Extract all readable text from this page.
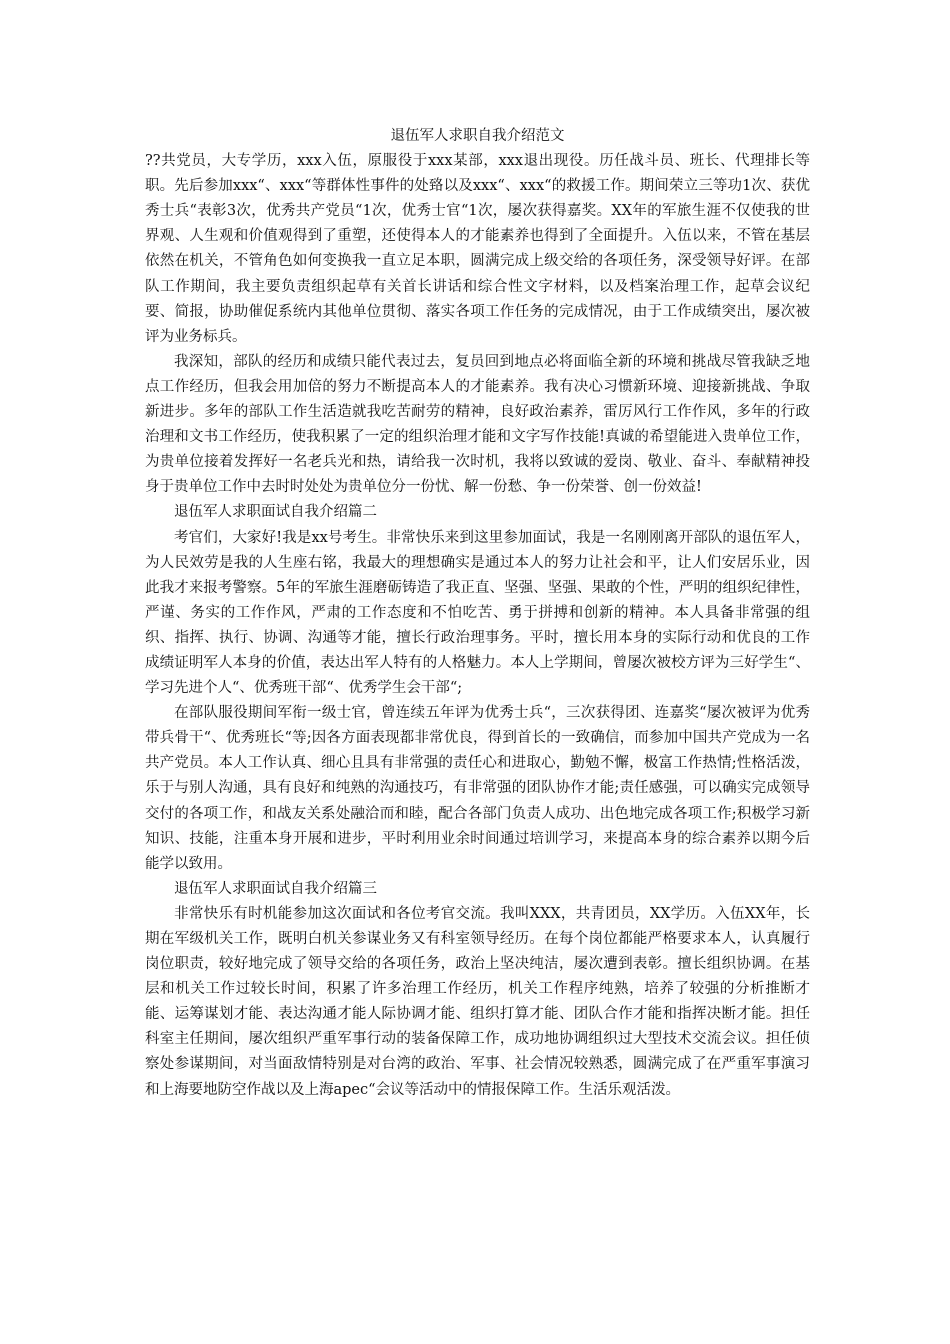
退伍军人求职自我介绍范文

??共党员，大专学历，xxx入伍，原服役于xxx某部，xxx退出现役。历任战斗员、班长、代理排长等职。先后参加xxx“、xxx“等群体性事件的处臵以及xxx“、xxx“的救援工作。期间荣立三等功1次、获优秀士兵“表彰3次，优秀共产党员“1次，优秀士官“1次，屡次获得嘉奖。XX年的军旅生涯不仅使我的世界观、人生观和价值观得到了重塑，还使得本人的才能素养也得到了全面提升。入伍以来，不管在基层依然在机关，不管角色如何变换我一直立足本职，圆满完成上级交给的各项任务，深受领导好评。在部队工作期间，我主要负责组织起草有关首长讲话和综合性文字材料，以及档案治理工作，起草会议纪要、简报，协助催促系统内其他单位贯彻、落实各项工作任务的完成情况，由于工作成绩突出，屡次被评为业务标兵。

我深知，部队的经历和成绩只能代表过去，复员回到地点必将面临全新的环境和挑战尽管我缺乏地点工作经历，但我会用加倍的努力不断提高本人的才能素养。我有决心习惯新环境、迎接新挑战、争取新进步。多年的部队工作生活造就我吃苦耐劳的精神，良好政治素养，雷厉风行工作作风，多年的行政治理和文书工作经历，使我积累了一定的组织治理才能和文字写作技能!真诚的希望能进入贵单位工作，为贵单位接着发挥好一名老兵光和热，请给我一次时机，我将以致诚的爱岗、敬业、奋斗、奉献精神投身于贵单位工作中去时时处处为贵单位分一份忧、解一份愁、争一份荣誉、创一份效益!

退伍军人求职面试自我介绍篇二

考官们，大家好!我是xx号考生。非常快乐来到这里参加面试，我是一名刚刚离开部队的退伍军人，为人民效劳是我的人生座右铭，我最大的理想确实是通过本人的努力让社会和平，让人们安居乐业，因此我才来报考警察。5年的军旅生涯磨砺铸造了我正直、坚强、坚强、果敢的个性，严明的组织纪律性，严谨、务实的工作作风，严肃的工作态度和不怕吃苦、勇于拼搏和创新的精神。本人具备非常强的组织、指挥、执行、协调、沟通等才能，擅长行政治理事务。平时，擅长用本身的实际行动和优良的工作成绩证明军人本身的价值，表达出军人特有的人格魅力。本人上学期间，曾屡次被校方评为三好学生“、学习先进个人“、优秀班干部“、优秀学生会干部“;

在部队服役期间军衔一级士官，曾连续五年评为优秀士兵“，三次获得团、连嘉奖“屡次被评为优秀带兵骨干“、优秀班长“等;因各方面表现都非常优良，得到首长的一致确信，而参加中国共产党成为一名共产党员。本人工作认真、细心且具有非常强的责任心和进取心，勤勉不懈，极富工作热情;性格活泼，乐于与别人沟通，具有良好和纯熟的沟通技巧，有非常强的团队协作才能;责任感强，可以确实完成领导交付的各项工作，和战友关系处融洽而和睦，配合各部门负责人成功、出色地完成各项工作;积极学习新知识、技能，注重本身开展和进步，平时利用业余时间通过培训学习，来提高本身的综合素养以期今后能学以致用。

退伍军人求职面试自我介绍篇三

非常快乐有时机能参加这次面试和各位考官交流。我叫XXX，共青团员，XX学历。入伍XX年，长期在军级机关工作，既明白机关参谋业务又有科室领导经历。在每个岗位都能严格要求本人，认真履行岗位职责，较好地完成了领导交给的各项任务，政治上坚决纯洁，屡次遭到表彰。擅长组织协调。在基层和机关工作过较长时间，积累了许多治理工作经历，机关工作程序纯熟，培养了较强的分析推断才能、运筹谋划才能、表达沟通才能人际协调才能、组织打算才能、团队合作才能和指挥决断才能。担任科室主任期间，屡次组织严重军事行动的装备保障工作，成功地协调组织过大型技术交流会议。担任侦察处参谋期间，对当面敌情特别是对台湾的政治、军事、社会情况较熟悉，圆满完成了在严重军事演习和上海要地防空作战以及上海apec“会议等活动中的情报保障工作。生活乐观活泼。
